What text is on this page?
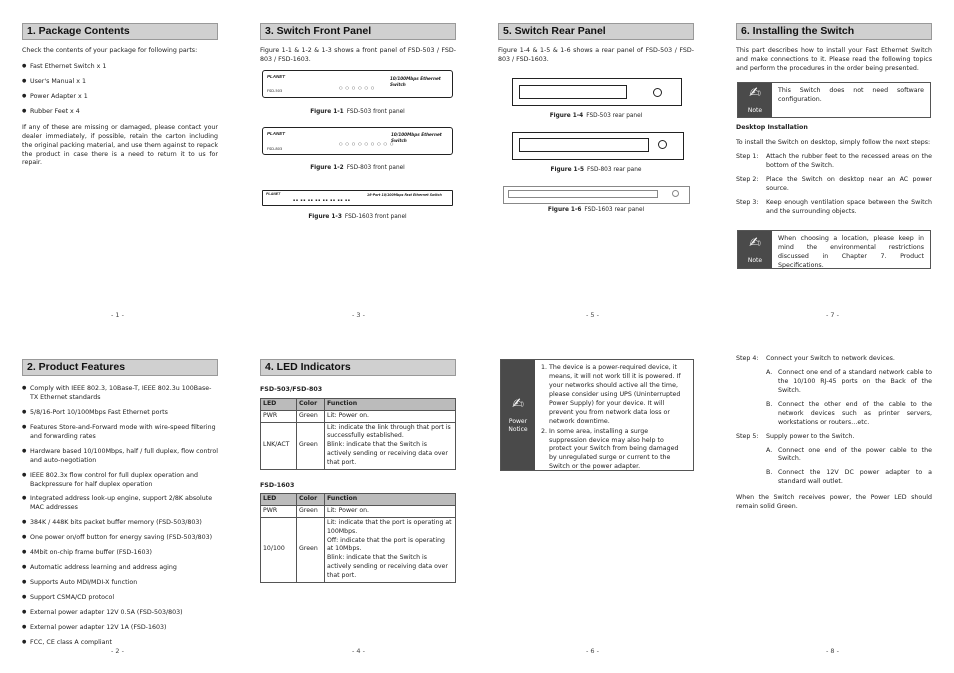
1. Package Contents
Check the contents of your package for following parts:
● Fast Ethernet Switch x 1
● User's Manual x 1
● Power Adapter x 1
● Rubber Feet x 4
If any of these are missing or damaged, please contact your dealer immediately, if possible, retain the carton including the original packing material, and use them against to repack the product in case there is a need to return it to us for repair.
- 1 -
2. Product Features
● Comply with IEEE 802.3, 10Base-T, IEEE 802.3u 100Base-TX Ethernet standards
● 5/8/16-Port 10/100Mbps Fast Ethernet ports
● Features Store-and-Forward mode with wire-speed filtering and forwarding rates
● Hardware based 10/100Mbps, half / full duplex, flow control and auto-negotiation
● IEEE 802.3x flow control for full duplex operation and Backpressure for half duplex operation
● Integrated address look-up engine, support 2/8K absolute MAC addresses
● 384K / 448K bits packet buffer memory (FSD-503/803)
● One power on/off button for energy saving (FSD-503/803)
● 4Mbit on-chip frame buffer (FSD-1603)
● Automatic address learning and address aging
● Supports Auto MDI/MDI-X function
● Support CSMA/CD protocol
● External power adapter 12V 0.5A (FSD-503/803)
● External power adapter 12V 1A (FSD-1603)
● FCC, CE class A compliant
- 2 -
3. Switch Front Panel
Figure 1-1 & 1-2 & 1-3 shows a front panel of FSD-503 / FSD-803 / FSD-1603.
PLANET
FSD-503
10/100Mbps Ethernet Switch
○ ○ ○ ○ ○ ○
Figure 1-1 FSD-503 front panel
PLANET
FSD-803
10/100Mbps Ethernet Switch
○ ○ ○ ○ ○ ○ ○ ○ ○
Figure 1-2 FSD-803 front panel
PLANET	16-Port 10/100Mbps Fast Ethernet Switch
▪▪ ▪▪ ▪▪ ▪▪ ▪▪ ▪▪ ▪▪ ▪▪
Figure 1-3 FSD-1603 front panel
- 3 -
4. LED Indicators
FSD-503/FSD-803
LED	Color	Function
PWR	Green	Lit: Power on.
LNK/ACT	Green	Lit: indicate the link through that port is successfully established.
Blink: indicate that the Switch is actively sending or receiving data over that port.
FSD-1603
LED	Color	Function
PWR	Green	Lit: Power on.
10/100	Green	Lit: indicate that the port is operating at 100Mbps.
Off: indicate that the port is operating at 10Mbps.
Blink: indicate that the Switch is actively sending or receiving data over that port.
- 4 -
5. Switch Rear Panel
Figure 1-4 & 1-5 & 1-6 shows a rear panel of FSD-503 / FSD-803 / FSD-1603.
Figure 1-4 FSD-503 rear panel
Figure 1-5 FSD-803 rear pane
Figure 1-6 FSD-1603 rear panel
- 5 -
✍
Power
Notice
1. The device is a power-required device, it means, it will not work till it is powered. If your networks should active all the time, please consider using UPS (Uninterrupted Power Supply) for your device. It will prevent you from network data loss or network downtime.
2. In some area, installing a surge suppression device may also help to protect your Switch from being damaged by unregulated surge or current to the Switch or the power adapter.
- 6 -
6. Installing the Switch
This part describes how to install your Fast Ethernet Switch and make connections to it. Please read the following topics and perform the procedures in the order being presented.
✍
Note
This Switch does not need software configuration.
Desktop Installation
To install the Switch on desktop, simply follow the next steps:
Step 1:	Attach the rubber feet to the recessed areas on the bottom of the Switch.
Step 2:	Place the Switch on desktop near an AC power source.
Step 3:	Keep enough ventilation space between the Switch and the surrounding objects.
✍
Note
When choosing a location, please keep in mind the environmental restrictions discussed in Chapter 7. Product Specifications.
- 7 -
Step 4:	Connect your Switch to network devices.
A. Connect one end of a standard network cable to the 10/100 RJ-45 ports on the Back of the Switch.
B. Connect the other end of the cable to the network devices such as printer servers, workstations or routers…etc.
Step 5:	Supply power to the Switch.
A. Connect one end of the power cable to the Switch.
B. Connect the 12V DC power adapter to a standard wall outlet.
When the Switch receives power, the Power LED should remain solid Green.
- 8 -
